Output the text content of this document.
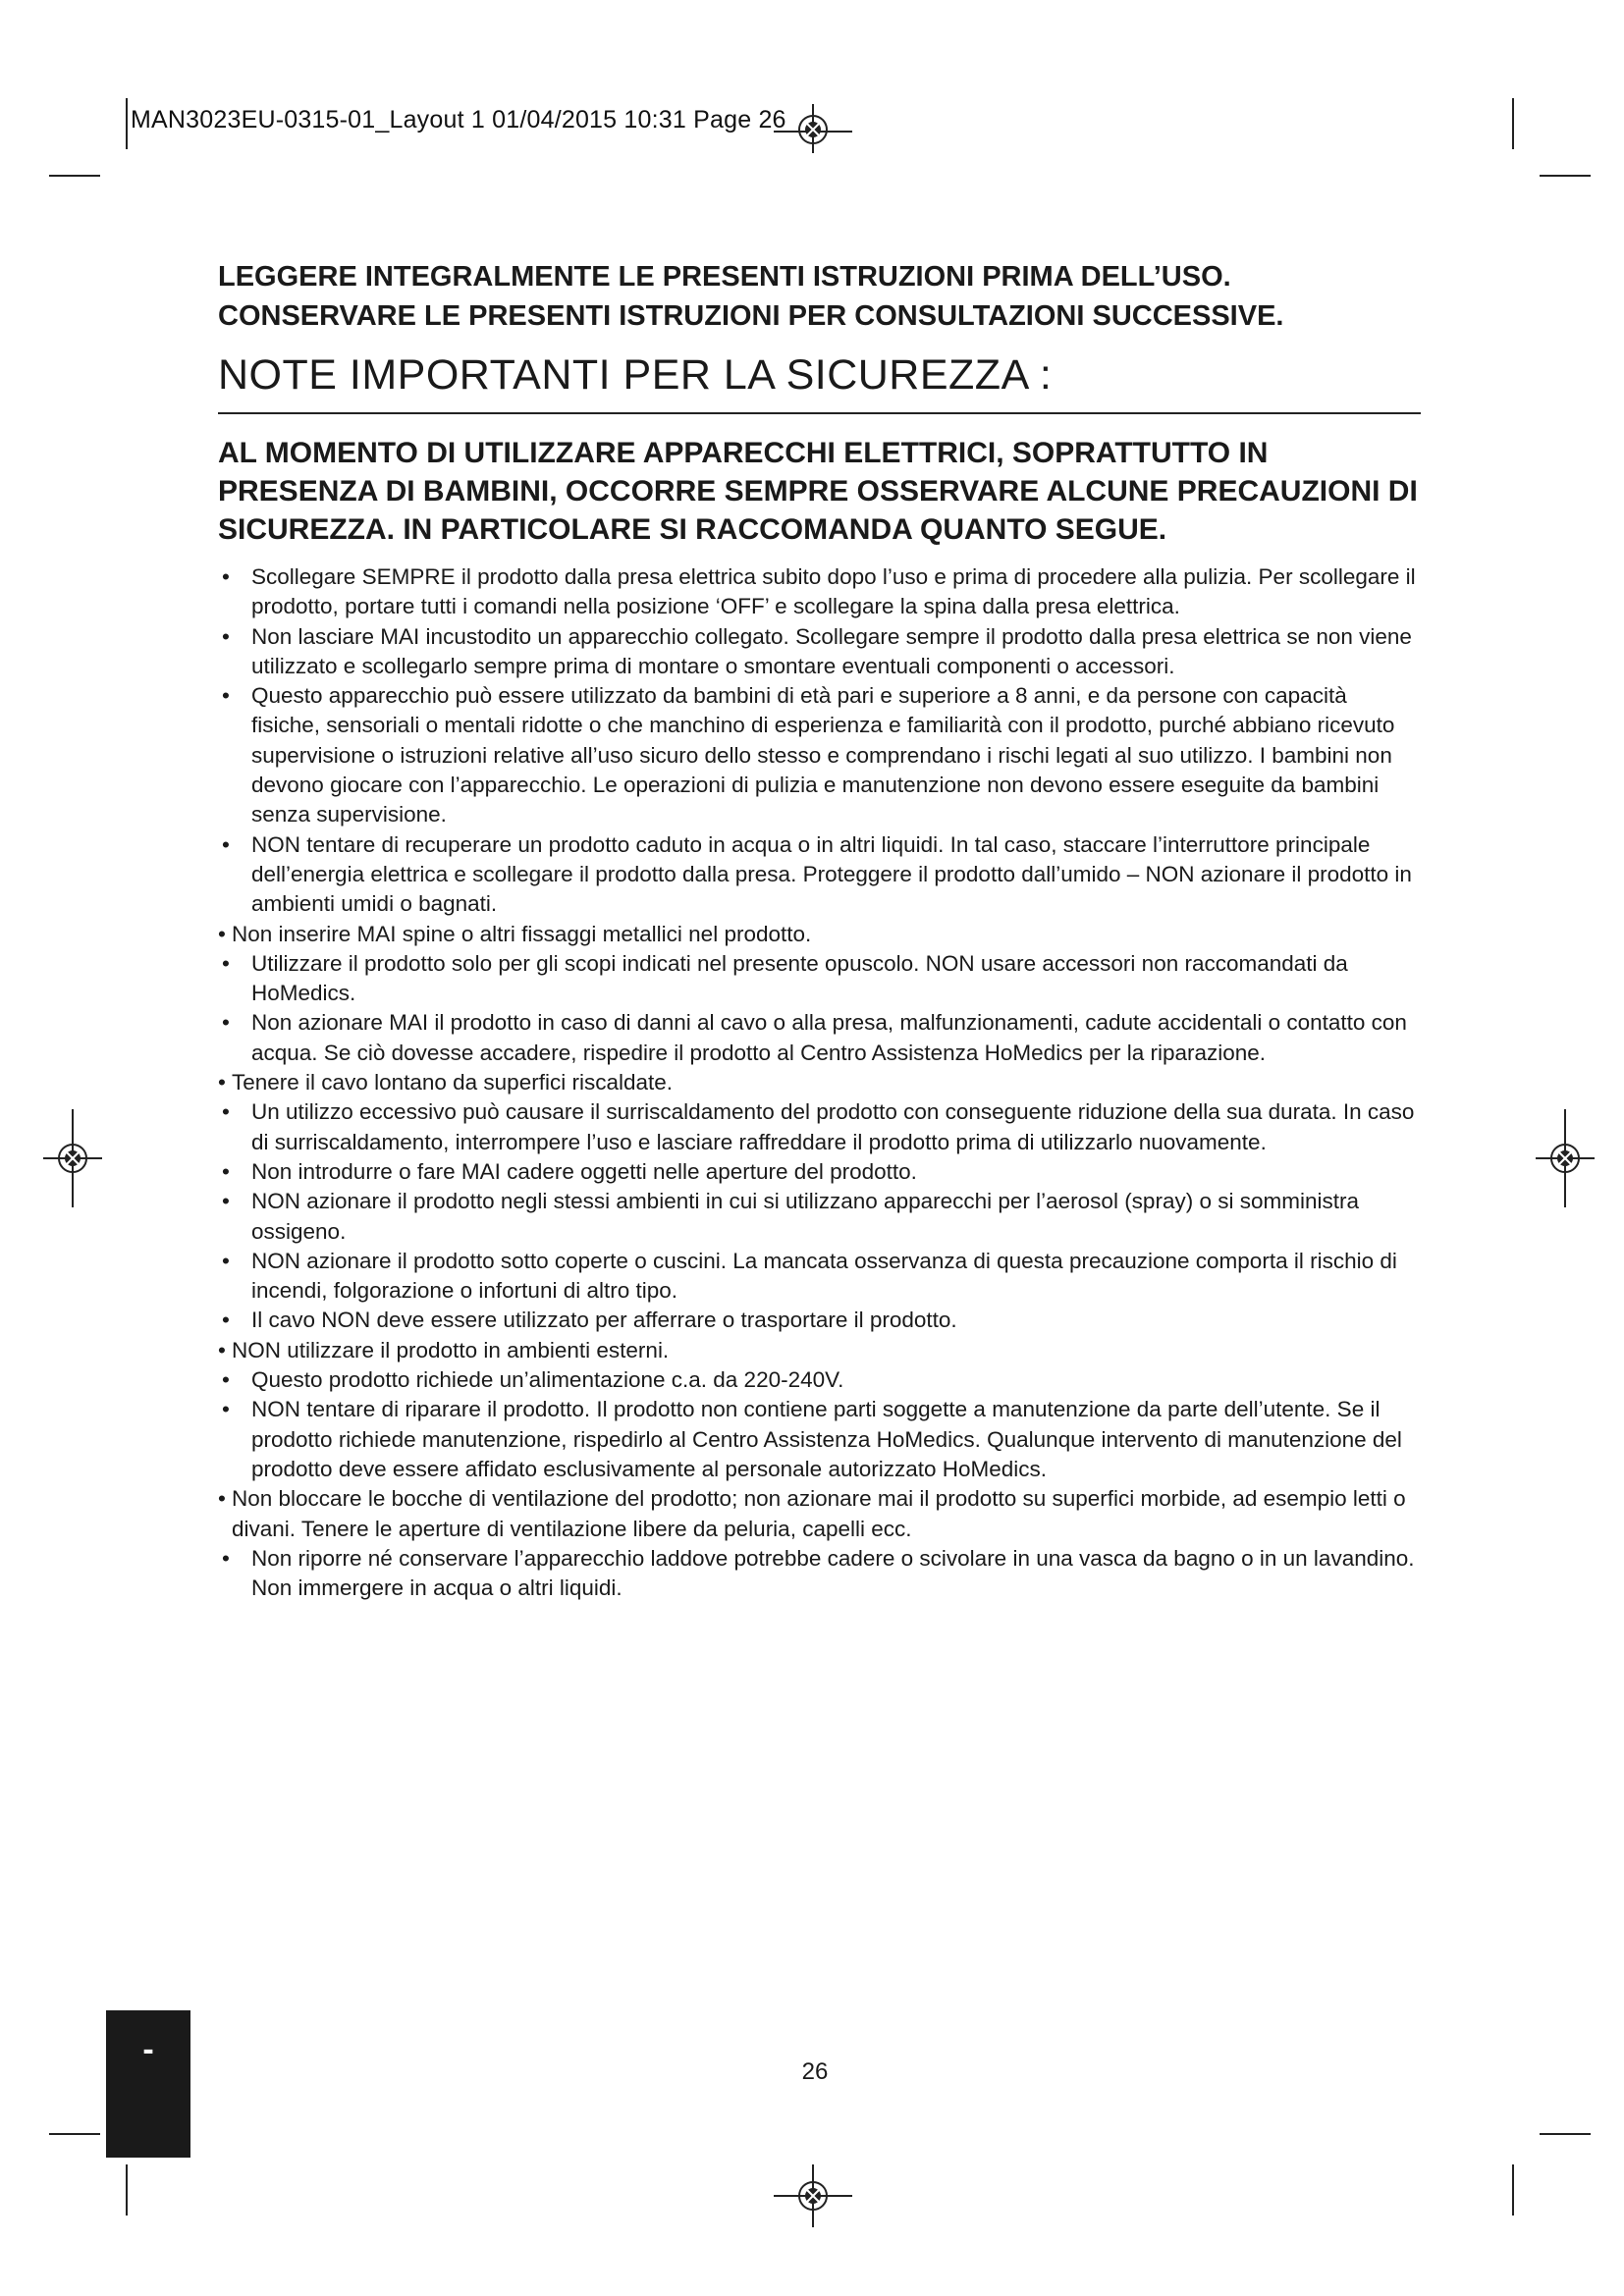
MAN3023EU-0315-01_Layout 1 01/04/2015 10:31 Page 26

LEGGERE INTEGRALMENTE LE PRESENTI ISTRUZIONI PRIMA DELL’USO.

CONSERVARE LE PRESENTI ISTRUZIONI PER CONSULTAZIONI SUCCESSIVE.

NOTE IMPORTANTI PER LA SICUREZZA :
AL MOMENTO DI UTILIZZARE APPARECCHI ELETTRICI, SOPRATTUTTO IN PRESENZA DI BAMBINI, OCCORRE SEMPRE OSSERVARE ALCUNE PRECAUZIONI DI SICUREZZA. IN PARTICOLARE SI RACCOMANDA QUANTO SEGUE.
• Scollegare SEMPRE il prodotto dalla presa elettrica subito dopo l’uso e prima di procedere alla pulizia. Per scollegare il prodotto, portare tutti i comandi nella posizione ‘OFF’ e scollegare la spina dalla presa elettrica.
• Non lasciare MAI incustodito un apparecchio collegato. Scollegare sempre il prodotto dalla presa elettrica se non viene utilizzato e scollegarlo sempre prima di montare o smontare eventuali componenti o accessori.
• Questo apparecchio può essere utilizzato da bambini di età pari e superiore a 8 anni, e da persone con capacità fisiche, sensoriali o mentali ridotte o che manchino di esperienza e familiarità con il prodotto, purché abbiano ricevuto supervisione o istruzioni relative all’uso sicuro dello stesso e comprendano i rischi legati al suo utilizzo. I bambini non devono giocare con l’apparecchio. Le operazioni di pulizia e manutenzione non devono essere eseguite da bambini senza supervisione.
• NON tentare di recuperare un prodotto caduto in acqua o in altri liquidi. In tal caso, staccare l’interruttore principale dell’energia elettrica e scollegare il prodotto dalla presa. Proteggere il prodotto dall’umido – NON azionare il prodotto in ambienti umidi o bagnati.
• Non inserire MAI spine o altri fissaggi metallici nel prodotto.
• Utilizzare il prodotto solo per gli scopi indicati nel presente opuscolo. NON usare accessori non raccomandati da HoMedics.
• Non azionare MAI il prodotto in caso di danni al cavo o alla presa, malfunzionamenti, cadute accidentali o contatto con acqua. Se ciò dovesse accadere, rispedire il prodotto al Centro Assistenza HoMedics per la riparazione.
• Tenere il cavo lontano da superfici riscaldate.
• Un utilizzo eccessivo può causare il surriscaldamento del prodotto con conseguente riduzione della sua durata. In caso di surriscaldamento, interrompere l’uso e lasciare raffreddare il prodotto prima di utilizzarlo nuovamente.
• Non introdurre o fare MAI cadere oggetti nelle aperture del prodotto.
• NON azionare il prodotto negli stessi ambienti in cui si utilizzano apparecchi per l’aerosol (spray) o si somministra ossigeno.
• NON azionare il prodotto sotto coperte o cuscini. La mancata osservanza di questa precauzione comporta il rischio di incendi, folgorazione o infortuni di altro tipo.
• Il cavo NON deve essere utilizzato per afferrare o trasportare il prodotto.
• NON utilizzare il prodotto in ambienti esterni.
• Questo prodotto richiede un’alimentazione c.a. da 220-240V.
• NON tentare di riparare il prodotto. Il prodotto non contiene parti soggette a manutenzione da parte dell’utente. Se il prodotto richiede manutenzione, rispedirlo al Centro Assistenza HoMedics. Qualunque intervento di manutenzione del prodotto deve essere affidato esclusivamente al personale autorizzato HoMedics.
• Non bloccare le bocche di ventilazione del prodotto; non azionare mai il prodotto su superfici morbide, ad esempio letti o divani. Tenere le aperture di ventilazione libere da peluria, capelli ecc.
• Non riporre né conservare l’apparecchio laddove potrebbe cadere o scivolare in una vasca da bagno o in un lavandino. Non immergere in acqua o altri liquidi.
-
26
